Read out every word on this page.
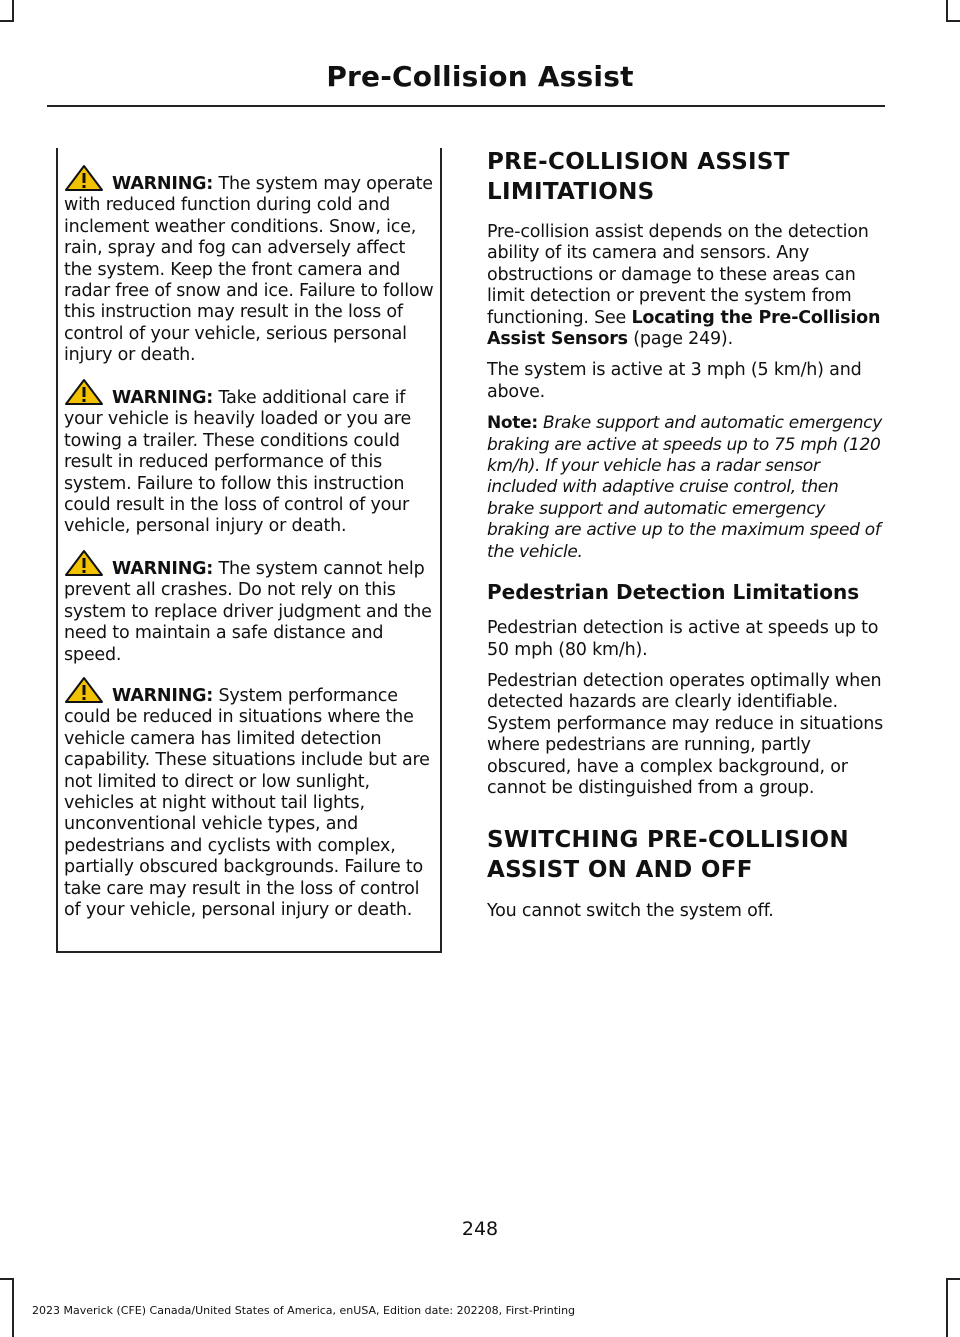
Pre-Collision Assist
WARNING: The system may operate with reduced function during cold and inclement weather conditions. Snow, ice, rain, spray and fog can adversely affect the system. Keep the front camera and radar free of snow and ice. Failure to follow this instruction may result in the loss of control of your vehicle, serious personal injury or death.
WARNING: Take additional care if your vehicle is heavily loaded or you are towing a trailer. These conditions could result in reduced performance of this system. Failure to follow this instruction could result in the loss of control of your vehicle, personal injury or death.
WARNING: The system cannot help prevent all crashes. Do not rely on this system to replace driver judgment and the need to maintain a safe distance and speed.
WARNING: System performance could be reduced in situations where the vehicle camera has limited detection capability. These situations include but are not limited to direct or low sunlight, vehicles at night without tail lights, unconventional vehicle types, and pedestrians and cyclists with complex, partially obscured backgrounds. Failure to take care may result in the loss of control of your vehicle, personal injury or death.
PRE-COLLISION ASSIST LIMITATIONS

Pre-collision assist depends on the detection ability of its camera and sensors. Any obstructions or damage to these areas can limit detection or prevent the system from functioning. See Locating the Pre-Collision Assist Sensors (page 249).

The system is active at 3 mph (5 km/h) and above.

Note: Brake support and automatic emergency braking are active at speeds up to 75 mph (120 km/h). If your vehicle has a radar sensor included with adaptive cruise control, then brake support and automatic emergency braking are active up to the maximum speed of the vehicle.

Pedestrian Detection Limitations

Pedestrian detection is active at speeds up to 50 mph (80 km/h).

Pedestrian detection operates optimally when detected hazards are clearly identifiable. System performance may reduce in situations where pedestrians are running, partly obscured, have a complex background, or cannot be distinguished from a group.

SWITCHING PRE-COLLISION ASSIST ON AND OFF

You cannot switch the system off.

248
2023 Maverick (CFE) Canada/United States of America, enUSA, Edition date: 202208, First-Printing
